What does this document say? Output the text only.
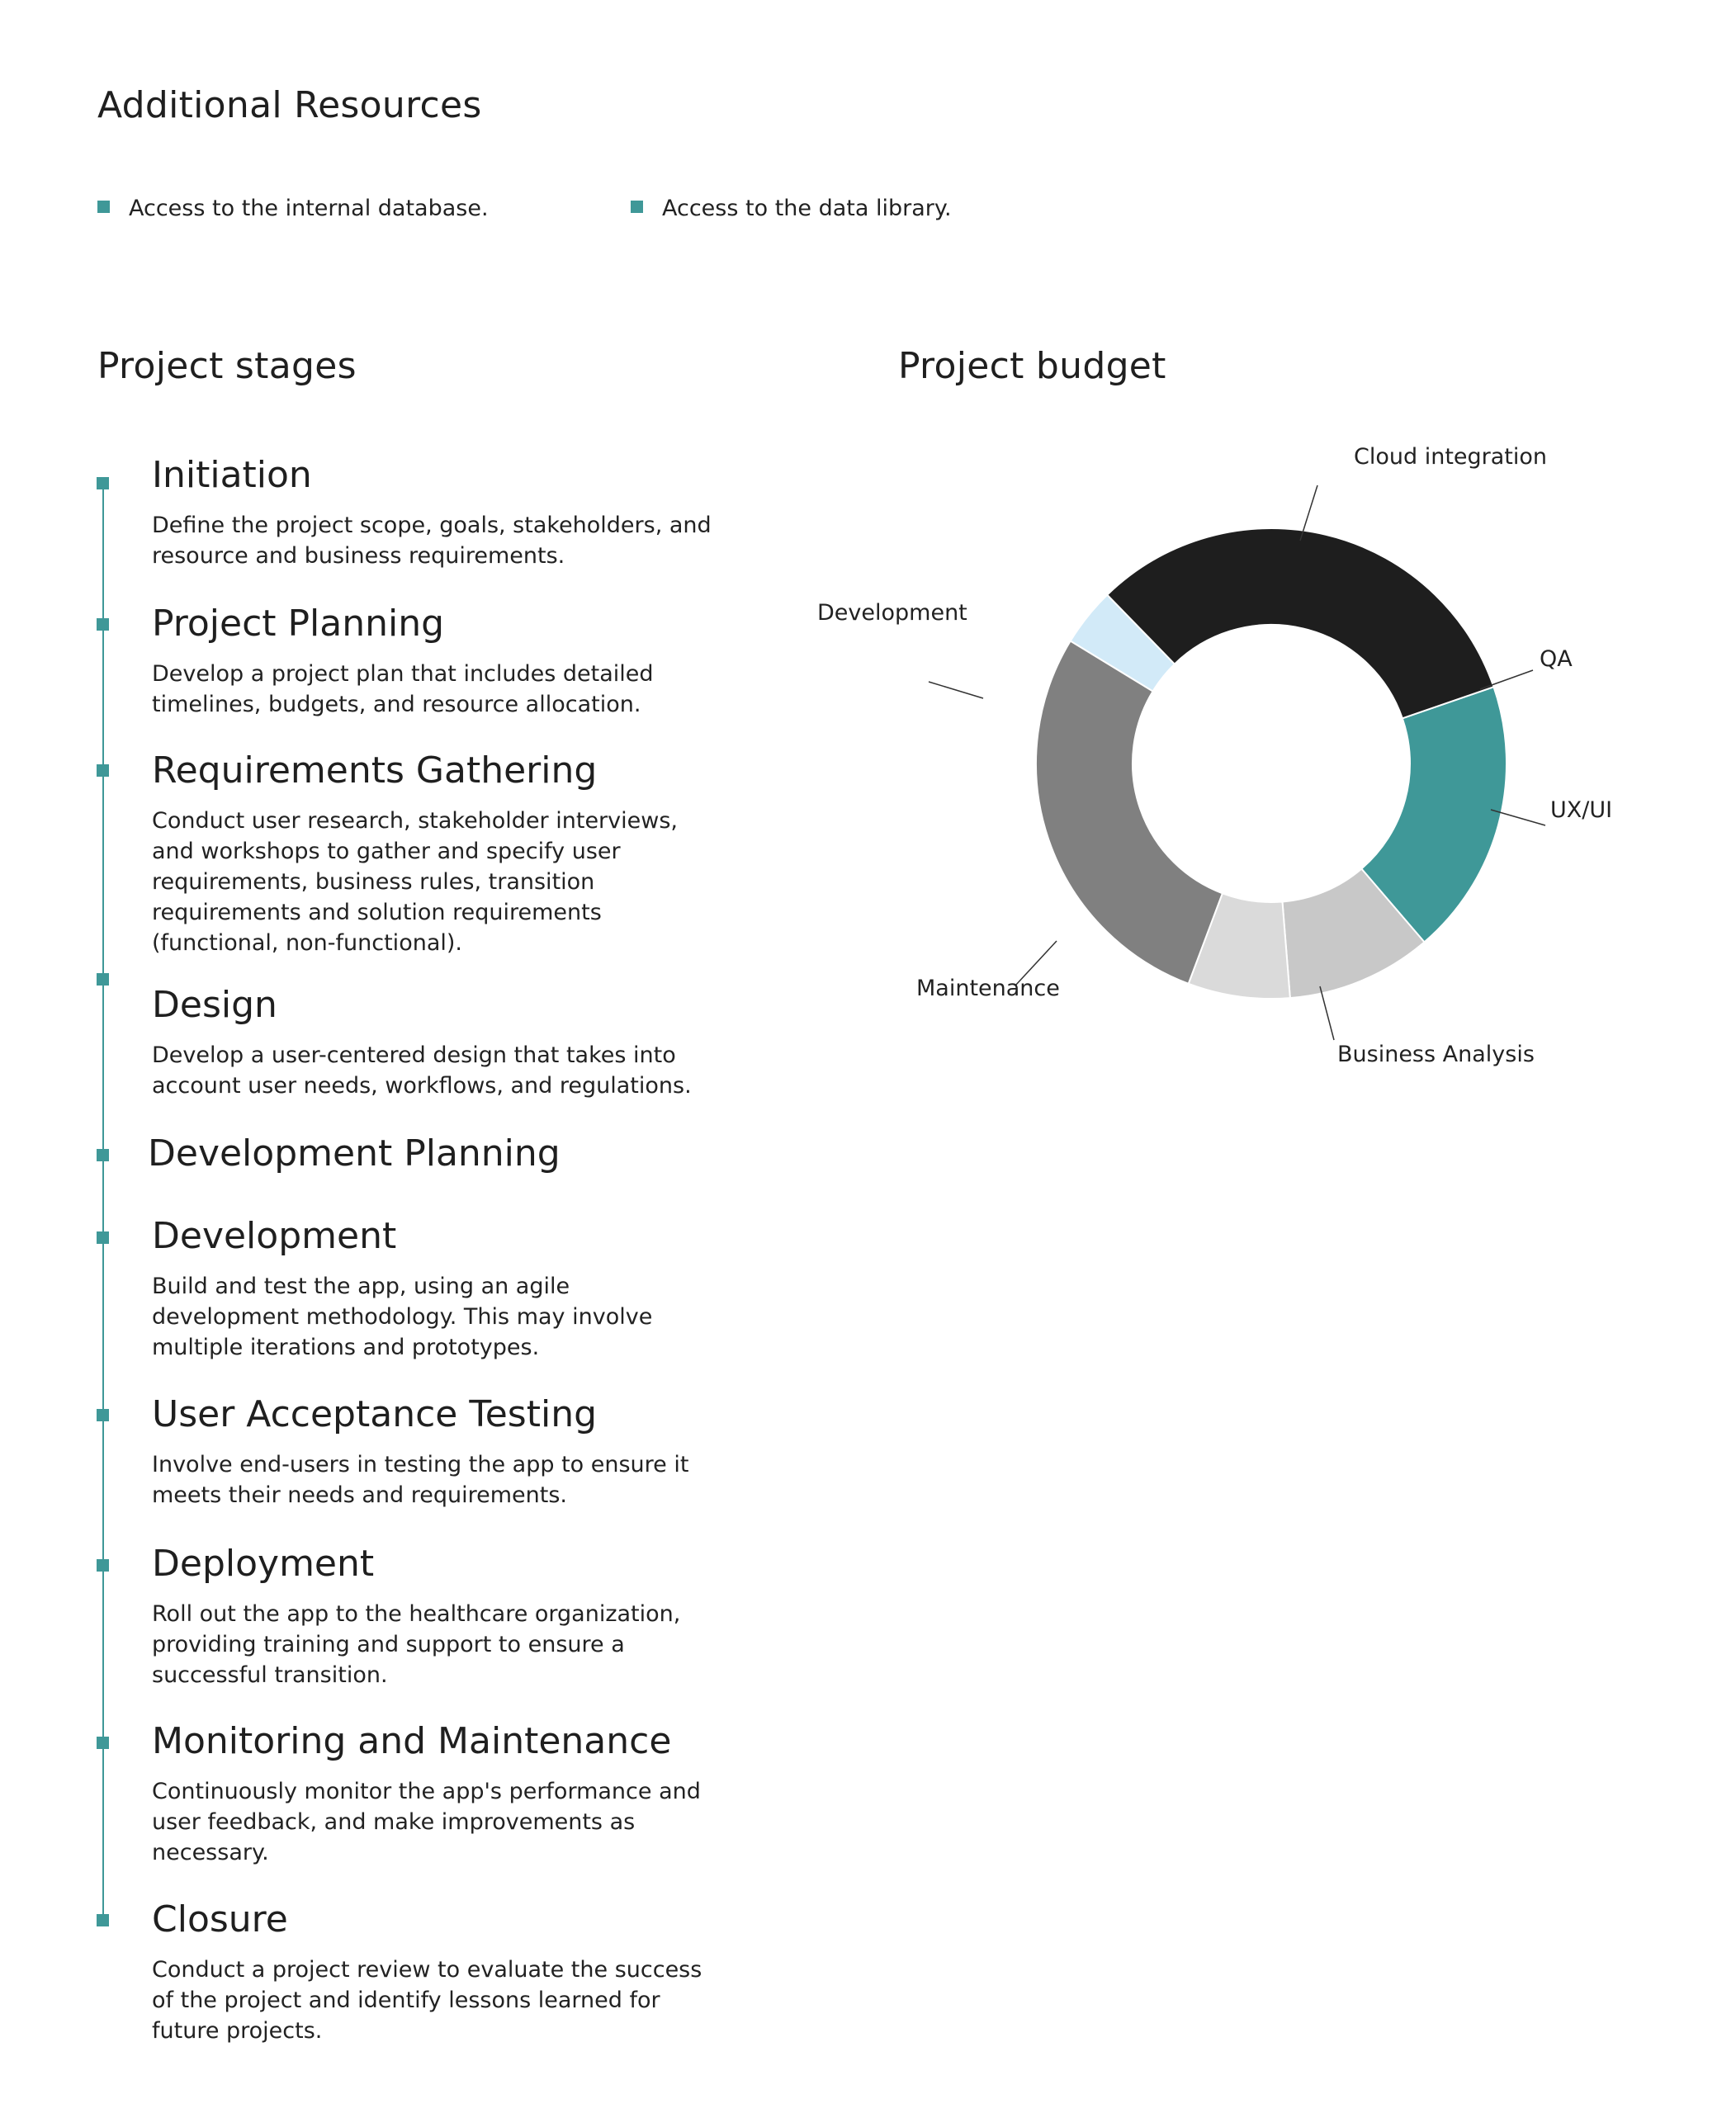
Additional Resources
Access to the internal database.	Access to the data library.
Project stages	Project budget
Initiation

Define the project scope, goals, stakeholders, and resource and business requirements.

Project Planning

Develop a project plan that includes detailed timelines, budgets, and resource allocation.

Requirements Gathering

Conduct user research, stakeholder interviews, and workshops to gather and specify user requirements, business rules, transition requirements and solution requirements (functional, non-functional).

Design

Develop a user-centered design that takes into account user needs, workflows, and regulations.

Development Planning
Development

Build and test the app, using an agile development methodology. This may involve multiple iterations and prototypes.

User Acceptance Testing

Involve end-users in testing the app to ensure it meets their needs and requirements.

Deployment

Roll out the app to the healthcare organization, providing training and support to ensure a successful transition.

Monitoring and Maintenance

Continuously monitor the app's performance and user feedback, and make improvements as necessary.

Closure

Conduct a project review to evaluate the success of the project and identify lessons learned for future projects.

Cloud integration
QA
UX/UI
Business Analysis
Maintenance
Development
